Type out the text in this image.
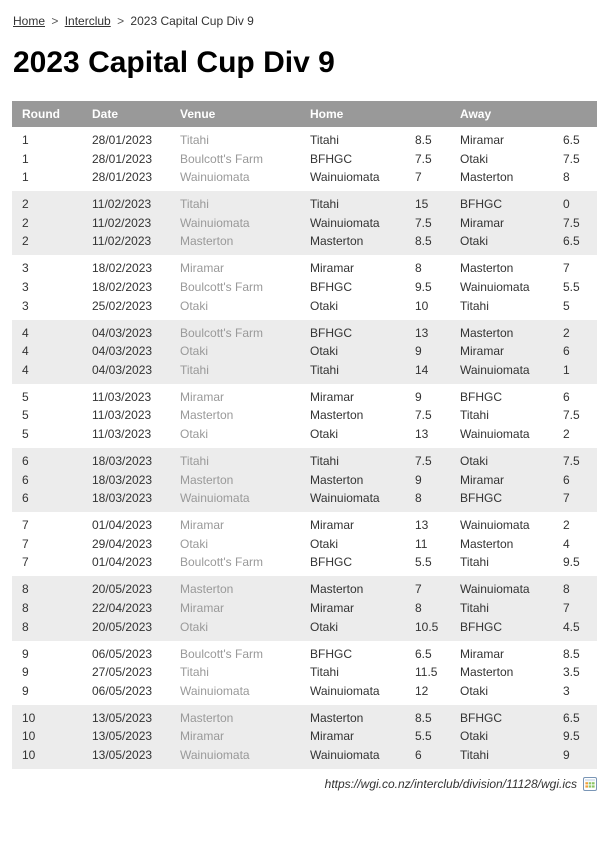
Home > Interclub > 2023 Capital Cup Div 9
2023 Capital Cup Div 9
Round	Date	Venue	Home		Away	
1	28/01/2023	Titahi	Titahi	8.5	Miramar	6.5
1	28/01/2023	Boulcott's Farm	BFHGC	7.5	Otaki	7.5
1	28/01/2023	Wainuiomata	Wainuiomata	7	Masterton	8
2	11/02/2023	Titahi	Titahi	15	BFHGC	0
2	11/02/2023	Wainuiomata	Wainuiomata	7.5	Miramar	7.5
2	11/02/2023	Masterton	Masterton	8.5	Otaki	6.5
3	18/02/2023	Miramar	Miramar	8	Masterton	7
3	18/02/2023	Boulcott's Farm	BFHGC	9.5	Wainuiomata	5.5
3	25/02/2023	Otaki	Otaki	10	Titahi	5
4	04/03/2023	Boulcott's Farm	BFHGC	13	Masterton	2
4	04/03/2023	Otaki	Otaki	9	Miramar	6
4	04/03/2023	Titahi	Titahi	14	Wainuiomata	1
5	11/03/2023	Miramar	Miramar	9	BFHGC	6
5	11/03/2023	Masterton	Masterton	7.5	Titahi	7.5
5	11/03/2023	Otaki	Otaki	13	Wainuiomata	2
6	18/03/2023	Titahi	Titahi	7.5	Otaki	7.5
6	18/03/2023	Masterton	Masterton	9	Miramar	6
6	18/03/2023	Wainuiomata	Wainuiomata	8	BFHGC	7
7	01/04/2023	Miramar	Miramar	13	Wainuiomata	2
7	29/04/2023	Otaki	Otaki	11	Masterton	4
7	01/04/2023	Boulcott's Farm	BFHGC	5.5	Titahi	9.5
8	20/05/2023	Masterton	Masterton	7	Wainuiomata	8
8	22/04/2023	Miramar	Miramar	8	Titahi	7
8	20/05/2023	Otaki	Otaki	10.5	BFHGC	4.5
9	06/05/2023	Boulcott's Farm	BFHGC	6.5	Miramar	8.5
9	27/05/2023	Titahi	Titahi	11.5	Masterton	3.5
9	06/05/2023	Wainuiomata	Wainuiomata	12	Otaki	3
10	13/05/2023	Masterton	Masterton	8.5	BFHGC	6.5
10	13/05/2023	Miramar	Miramar	5.5	Otaki	9.5
10	13/05/2023	Wainuiomata	Wainuiomata	6	Titahi	9
https://wgi.co.nz/interclub/division/11128/wgi.ics
